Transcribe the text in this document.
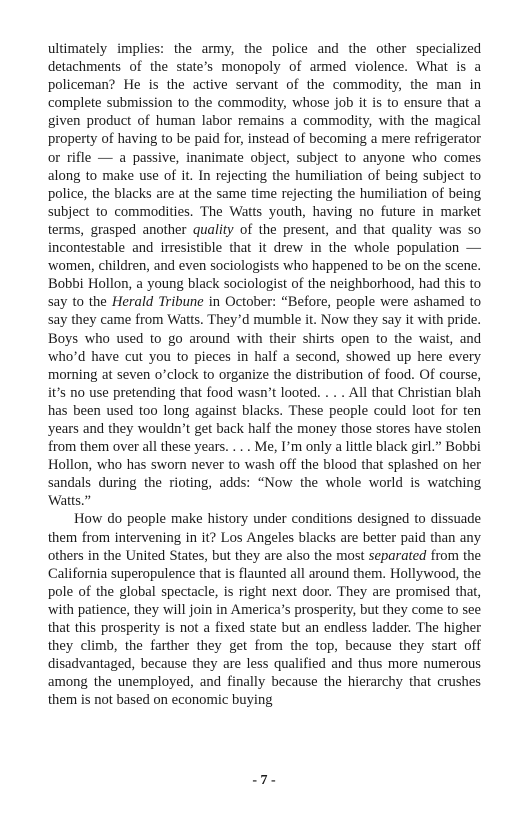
ultimately implies: the army, the police and the other specialized detachments of the state’s monopoly of armed violence. What is a policeman? He is the active servant of the commodity, the man in complete submission to the commodity, whose job it is to ensure that a given product of human labor remains a commodity, with the magical property of having to be paid for, instead of becoming a mere refrigerator or rifle — a passive, inanimate object, subject to anyone who comes along to make use of it. In rejecting the humiliation of being subject to police, the blacks are at the same time rejecting the humiliation of being subject to commodities. The Watts youth, having no future in market terms, grasped another quality of the present, and that quality was so incontestable and irresistible that it drew in the whole population — women, children, and even sociologists who happened to be on the scene. Bobbi Hollon, a young black sociologist of the neighborhood, had this to say to the Herald Tribune in October: “Before, people were ashamed to say they came from Watts. They’d mumble it. Now they say it with pride. Boys who used to go around with their shirts open to the waist, and who’d have cut you to pieces in half a second, showed up here every morning at seven o’clock to organize the distribution of food. Of course, it’s no use pretending that food wasn’t looted. . . . All that Christian blah has been used too long against blacks. These people could loot for ten years and they wouldn’t get back half the money those stores have stolen from them over all these years. . . . Me, I’m only a little black girl.” Bobbi Hollon, who has sworn never to wash off the blood that splashed on her sandals during the rioting, adds: “Now the whole world is watching Watts.”

How do people make history under conditions designed to dissuade them from intervening in it? Los Angeles blacks are better paid than any others in the United States, but they are also the most separated from the California superopulence that is flaunted all around them. Hollywood, the pole of the global spectacle, is right next door. They are promised that, with patience, they will join in America’s prosperity, but they come to see that this prosperity is not a fixed state but an endless ladder. The higher they climb, the farther they get from the top, because they start off disadvantaged, because they are less qualified and thus more numerous among the unemployed, and finally because the hierarchy that crushes them is not based on economic buying

- 7 -
